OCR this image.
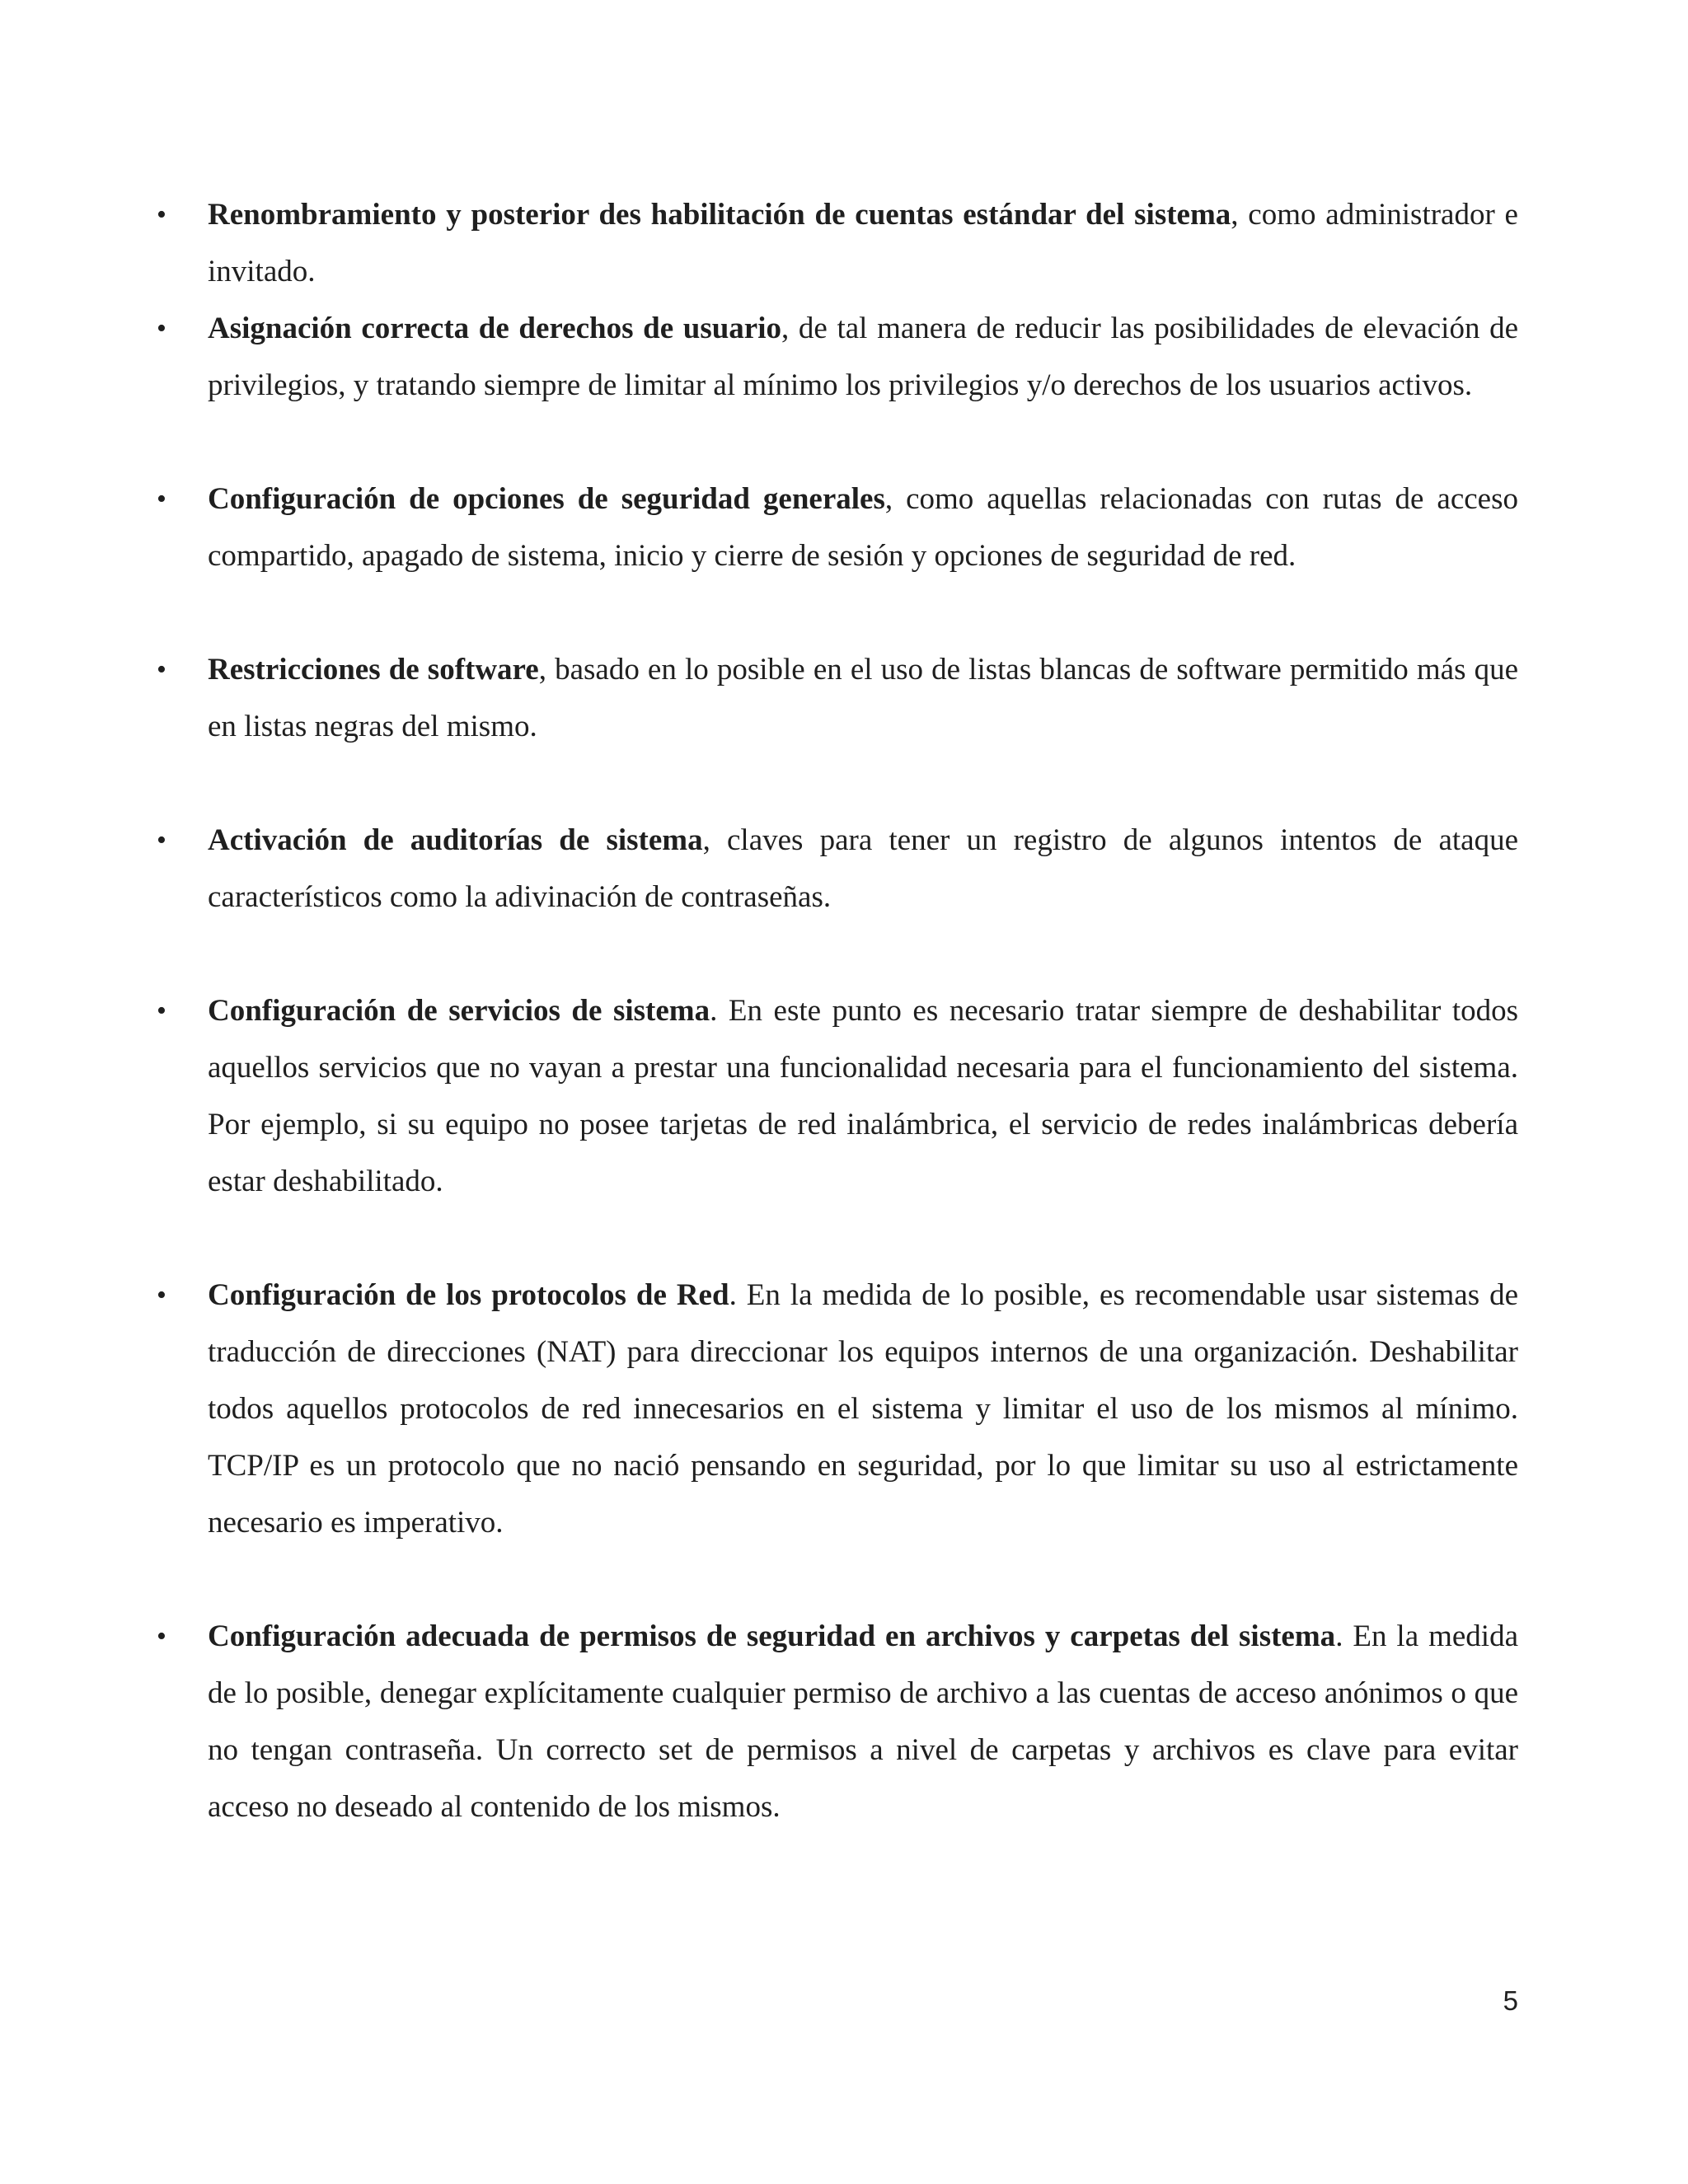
• Renombramiento y posterior des habilitación de cuentas estándar del sistema, como administrador e invitado.
• Asignación correcta de derechos de usuario, de tal manera de reducir las posibilidades de elevación de privilegios, y tratando siempre de limitar al mínimo los privilegios y/o derechos de los usuarios activos.
• Configuración de opciones de seguridad generales, como aquellas relacionadas con rutas de acceso compartido, apagado de sistema, inicio y cierre de sesión y opciones de seguridad de red.
• Restricciones de software, basado en lo posible en el uso de listas blancas de software permitido más que en listas negras del mismo.
• Activación de auditorías de sistema, claves para tener un registro de algunos intentos de ataque característicos como la adivinación de contraseñas.
• Configuración de servicios de sistema. En este punto es necesario tratar siempre de deshabilitar todos aquellos servicios que no vayan a prestar una funcionalidad necesaria para el funcionamiento del sistema. Por ejemplo, si su equipo no posee tarjetas de red inalámbrica, el servicio de redes inalámbricas debería estar deshabilitado.
• Configuración de los protocolos de Red. En la medida de lo posible, es recomendable usar sistemas de traducción de direcciones (NAT) para direccionar los equipos internos de una organización. Deshabilitar todos aquellos protocolos de red innecesarios en el sistema y limitar el uso de los mismos al mínimo. TCP/IP es un protocolo que no nació pensando en seguridad, por lo que limitar su uso al estrictamente necesario es imperativo.
• Configuración adecuada de permisos de seguridad en archivos y carpetas del sistema. En la medida de lo posible, denegar explícitamente cualquier permiso de archivo a las cuentas de acceso anónimos o que no tengan contraseña. Un correcto set de permisos a nivel de carpetas y archivos es clave para evitar acceso no deseado al contenido de los mismos.
5
